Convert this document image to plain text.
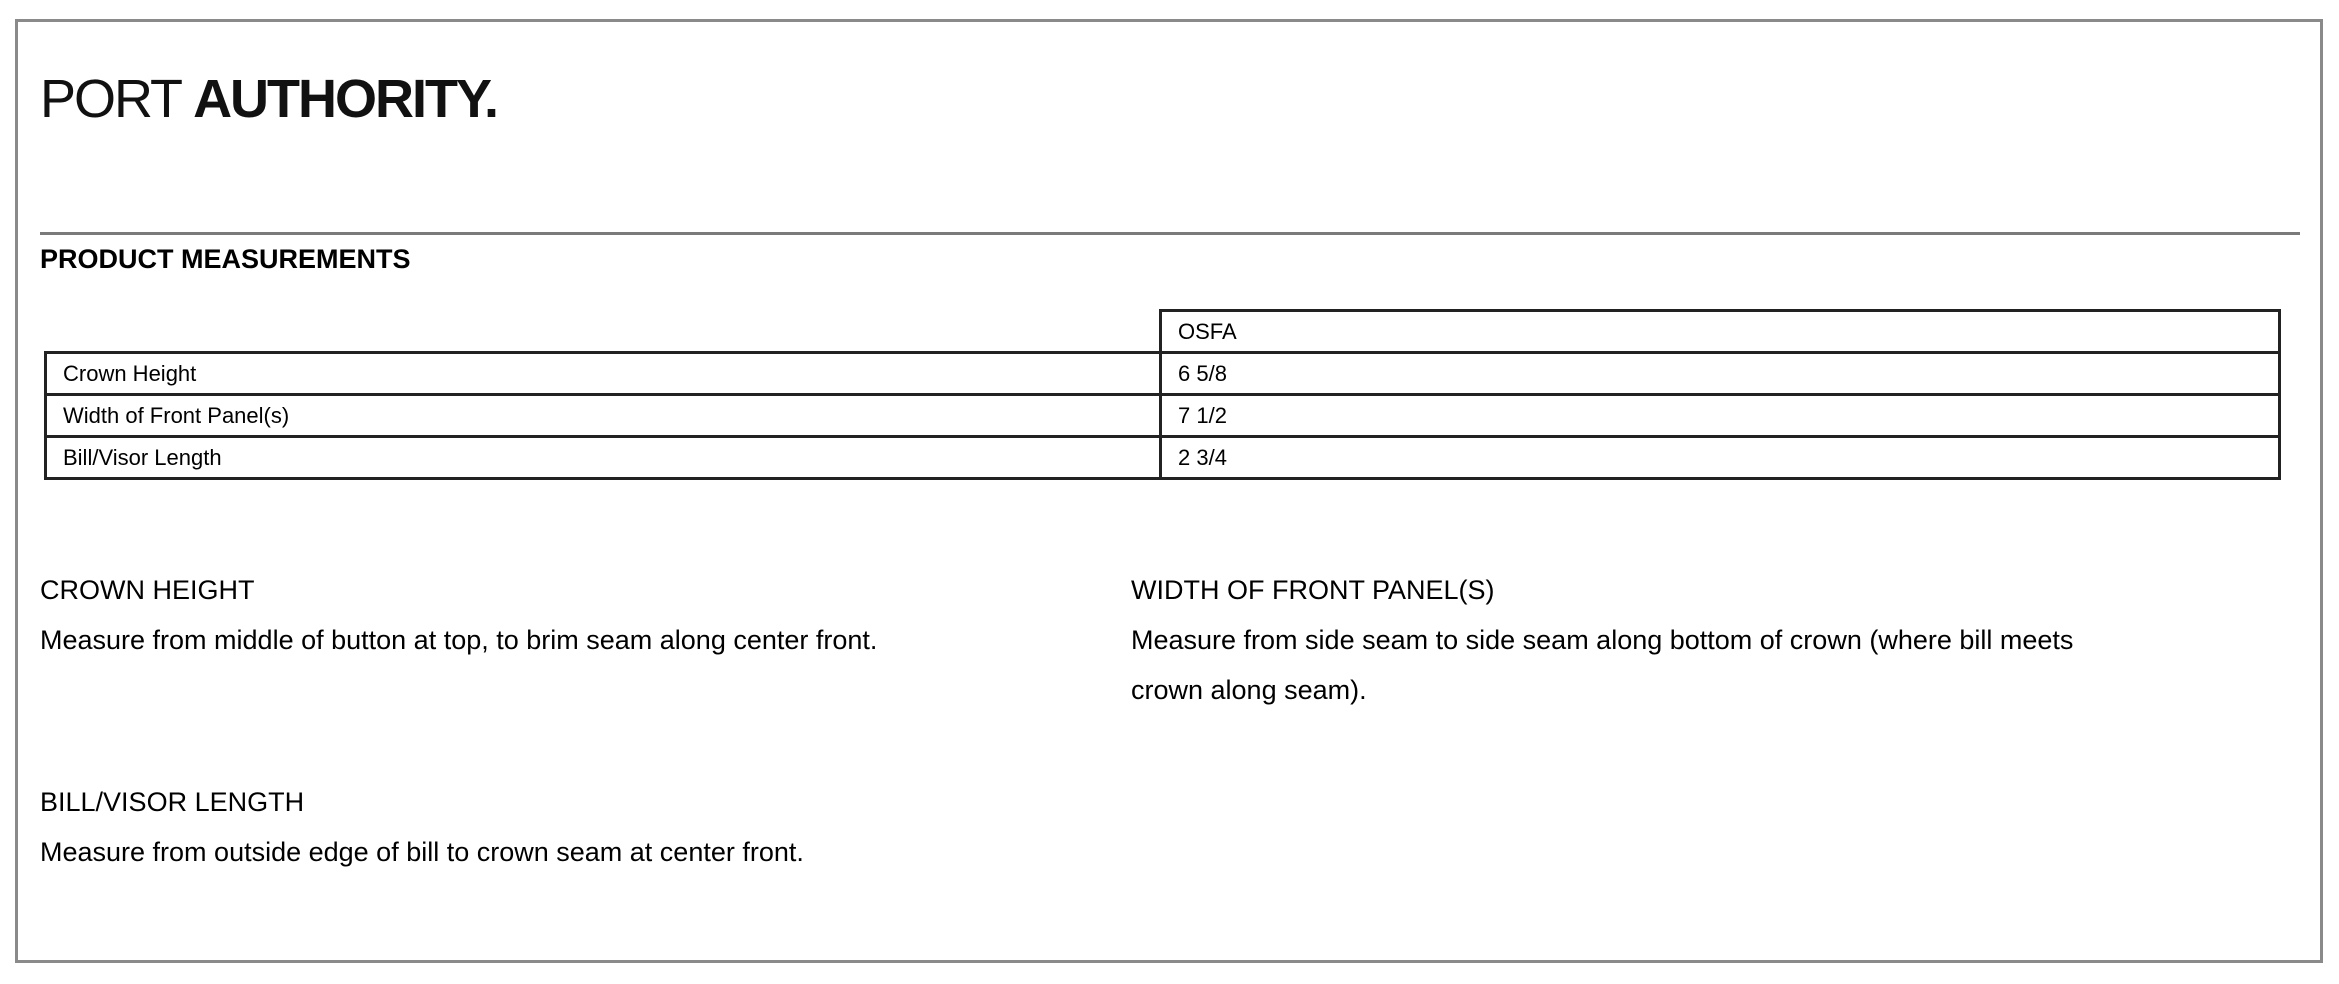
PORT AUTHORITY.
PRODUCT MEASUREMENTS
	OSFA
Crown Height	6 5/8
Width of Front Panel(s)	7 1/2
Bill/Visor Length	2 3/4
CROWN HEIGHT
Measure from middle of button at top, to brim seam along center front.
WIDTH OF FRONT PANEL(S)
Measure from side seam to side seam along bottom of crown (where bill meets crown along seam).
BILL/VISOR LENGTH
Measure from outside edge of bill to crown seam at center front.
